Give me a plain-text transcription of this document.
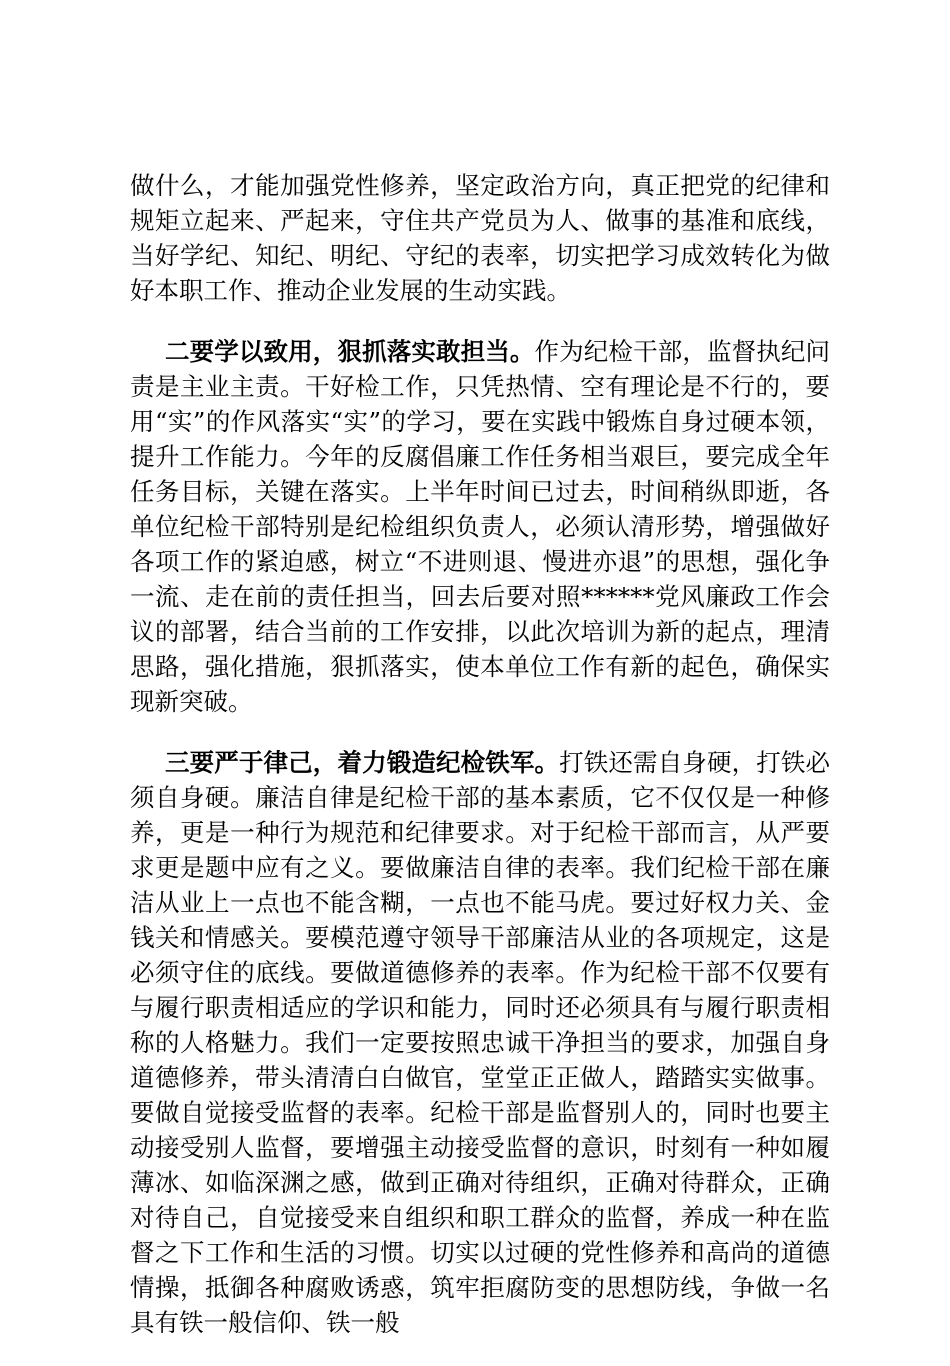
做什么，才能加强党性修养，坚定政治方向，真正把党的纪律和规矩立起来、严起来，守住共产党员为人、做事的基准和底线，当好学纪、知纪、明纪、守纪的表率，切实把学习成效转化为做好本职工作、推动企业发展的生动实践。

二要学以致用，狠抓落实敢担当。作为纪检干部，监督执纪问责是主业主责。干好检工作，只凭热情、空有理论是不行的，要用“实”的作风落实“实”的学习，要在实践中锻炼自身过硬本领，提升工作能力。今年的反腐倡廉工作任务相当艰巨，要完成全年任务目标，关键在落实。上半年时间已过去，时间稍纵即逝，各单位纪检干部特别是纪检组织负责人，必须认清形势，增强做好各项工作的紧迫感，树立“不进则退、慢进亦退”的思想，强化争一流、走在前的责任担当，回去后要对照******党风廉政工作会议的部署，结合当前的工作安排，以此次培训为新的起点，理清思路，强化措施，狠抓落实，使本单位工作有新的起色，确保实现新突破。

三要严于律己，着力锻造纪检铁军。打铁还需自身硬，打铁必须自身硬。廉洁自律是纪检干部的基本素质，它不仅仅是一种修养，更是一种行为规范和纪律要求。对于纪检干部而言，从严要求更是题中应有之义。要做廉洁自律的表率。我们纪检干部在廉洁从业上一点也不能含糊，一点也不能马虎。要过好权力关、金钱关和情感关。要模范遵守领导干部廉洁从业的各项规定，这是必须守住的底线。要做道德修养的表率。作为纪检干部不仅要有与履行职责相适应的学识和能力，同时还必须具有与履行职责相称的人格魅力。我们一定要按照忠诚干净担当的要求，加强自身道德修养，带头清清白白做官，堂堂正正做人，踏踏实实做事。要做自觉接受监督的表率。纪检干部是监督别人的，同时也要主动接受别人监督，要增强主动接受监督的意识，时刻有一种如履薄冰、如临深渊之感，做到正确对待组织，正确对待群众，正确对待自己，自觉接受来自组织和职工群众的监督，养成一种在监督之下工作和生活的习惯。切实以过硬的党性修养和高尚的道德情操，抵御各种腐败诱惑，筑牢拒腐防变的思想防线，争做一名具有铁一般信仰、铁一般
